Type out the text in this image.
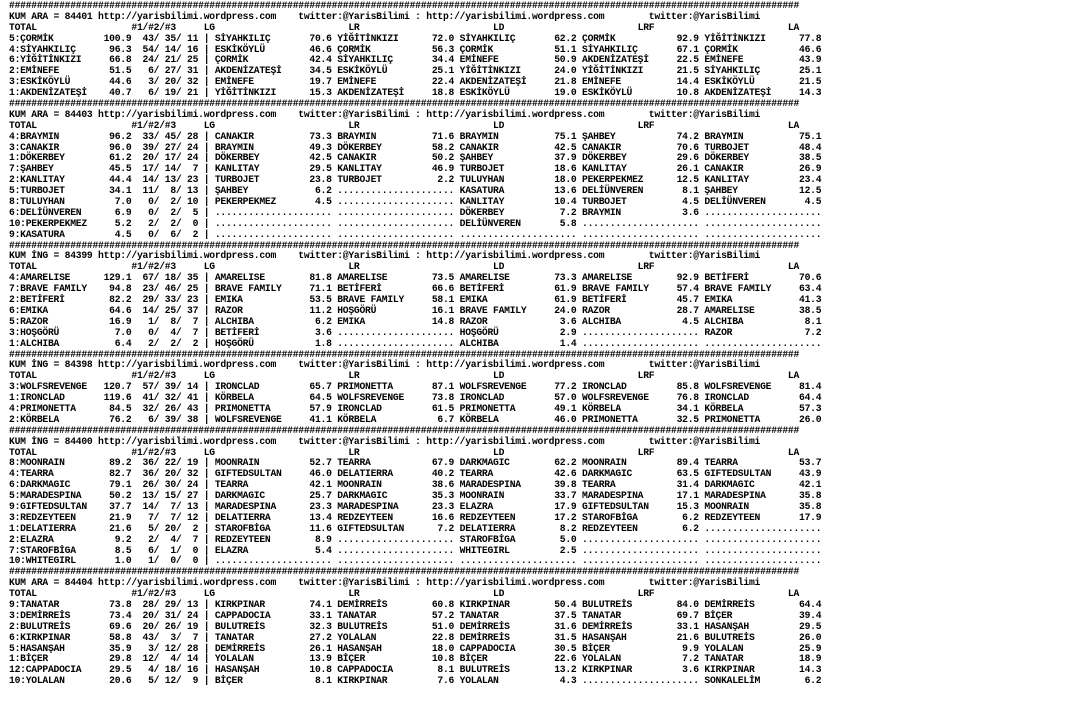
##############################################################################################################################################
KUM ARA = 84401 http://yarisbilimi.wordpress.com    twitter:@YarisBilimi : http://yarisbilimi.wordpress.com        twitter:@YarisBilimi
TOTAL                 #1/#2/#3     LG                        LR                        LD                        LRF                        LA
5:ÇORMİK         100.9  43/ 35/ 11 | SİYAHKILIÇ       70.6 YİĞİTİNKIZI      72.0 SİYAHKILIÇ       62.2 ÇORMİK           92.9 YİĞİTİNKIZI      77.8
4:SİYAHKILIÇ      96.3  54/ 14/ 16 | ESKİKÖYLÜ        46.6 ÇORMİK           56.3 ÇORMİK           51.1 SİYAHKILIÇ       67.1 ÇORMİK           46.6
6:YİĞİTİNKIZI     66.8  24/ 21/ 25 | ÇORMİK           42.4 SİYAHKILIÇ       34.4 EMİNEFE          50.9 AKDENİZATEŞİ     22.5 EMİNEFE          43.9
2:EMİNEFE         51.5   6/ 27/ 31 | AKDENİZATEŞİ     34.5 ESKİKÖYLÜ        25.1 YİĞİTİNKIZI      24.0 YİĞİTİNKIZI      21.5 SİYAHKILIÇ       25.1
3:ESKİKÖYLÜ       44.6   3/ 20/ 32 | EMİNEFE          19.7 EMİNEFE          22.4 AKDENİZATEŞİ     21.8 EMİNEFE          14.4 ESKİKÖYLÜ        21.5
1:AKDENİZATEŞİ    40.7   6/ 19/ 21 | YİĞİTİNKIZI      15.3 AKDENİZATEŞİ     18.8 ESKİKÖYLÜ        19.0 ESKİKÖYLÜ        10.8 AKDENİZATEŞİ     14.3
##############################################################################################################################################
KUM ARA = 84403 http://yarisbilimi.wordpress.com    twitter:@YarisBilimi : http://yarisbilimi.wordpress.com        twitter:@YarisBilimi
TOTAL                 #1/#2/#3     LG                        LR                        LD                        LRF                        LA
4:BRAYMIN         96.2  33/ 45/ 28 | CANAKIR          73.3 BRAYMIN          71.6 BRAYMIN          75.1 ŞAHBEY           74.2 BRAYMIN          75.1
3:CANAKIR         96.0  39/ 27/ 24 | BRAYMIN          49.3 DÖKERBEY         58.2 CANAKIR          42.5 CANAKIR          70.6 TURBOJET         48.4
1:DÖKERBEY        61.2  20/ 17/ 24 | DÖKERBEY         42.5 CANAKIR          50.2 ŞAHBEY           37.9 DÖKERBEY         29.6 DÖKERBEY         38.5
7:ŞAHBEY          45.5  17/ 14/  7 | KANLITAY         29.5 KANLITAY         46.9 TURBOJET         18.6 KANLITAY         26.1 CANAKIR          26.9
2:KANLITAY        44.4  14/ 13/ 23 | TURBOJET         23.8 TURBOJET          2.2 TULUYHAN         18.0 PEKERPEKMEZ      12.5 KANLITAY         23.4
5:TURBOJET        34.1  11/  8/ 13 | ŞAHBEY            6.2 ..................... KASATURA         13.6 DELİÜNVEREN       8.1 ŞAHBEY           12.5
8:TULUYHAN         7.0   0/  2/ 10 | PEKERPEKMEZ       4.5 ..................... KANLITAY         10.4 TURBOJET          4.5 DELİÜNVEREN       4.5
6:DELİÜNVEREN      6.9   0/  2/  5 | ..................... ..................... DÖKERBEY          7.2 BRAYMIN           3.6 .....................
10:PEKERPEKMEZ     5.2   2/  2/  0 | ..................... ..................... DELİÜNVEREN       5.8 ..................... .....................
9:KASATURA         4.5   0/  6/  2 | ..................... ..................... ..................... ..................... .....................
##############################################################################################################################################
KUM İNG = 84399 http://yarisbilimi.wordpress.com    twitter:@YarisBilimi : http://yarisbilimi.wordpress.com        twitter:@YarisBilimi
TOTAL                 #1/#2/#3     LG                        LR                        LD                        LRF                        LA
4:AMARELISE      129.1  67/ 18/ 35 | AMARELISE        81.8 AMARELISE        73.5 AMARELISE        73.3 AMARELISE        92.9 BETİFERİ         70.6
7:BRAVE FAMILY    94.8  23/ 46/ 25 | BRAVE FAMILY     71.1 BETİFERİ         66.6 BETİFERİ         61.9 BRAVE FAMILY     57.4 BRAVE FAMILY     63.4
2:BETİFERİ        82.2  29/ 33/ 23 | EMIKA            53.5 BRAVE FAMILY     58.1 EMIKA            61.9 BETİFERİ         45.7 EMIKA            41.3
6:EMIKA           64.6  14/ 25/ 37 | RAZOR            11.2 HOŞGÖRÜ          16.1 BRAVE FAMILY     24.0 RAZOR            28.7 AMARELISE        38.5
5:RAZOR           16.9   1/  8/  7 | ALCHIBA           6.2 EMIKA            14.8 RAZOR             3.6 ALCHIBA           4.5 ALCHIBA           8.1
3:HOŞGÖRÜ          7.0   0/  4/  7 | BETİFERİ          3.6 ..................... HOŞGÖRÜ           2.9 ..................... RAZOR             7.2
1:ALCHIBA          6.4   2/  2/  2 | HOŞGÖRÜ           1.8 ..................... ALCHIBA           1.4 ..................... .....................
##############################################################################################################################################
KUM İNG = 84398 http://yarisbilimi.wordpress.com    twitter:@YarisBilimi : http://yarisbilimi.wordpress.com        twitter:@YarisBilimi
TOTAL                 #1/#2/#3     LG                        LR                        LD                        LRF                        LA
3:WOLFSREVENGE   120.7  57/ 39/ 14 | IRONCLAD         65.7 PRIMONETTA       87.1 WOLFSREVENGE     77.2 IRONCLAD         85.8 WOLFSREVENGE     81.4
1:IRONCLAD       119.6  41/ 32/ 41 | KÖRBELA          64.5 WOLFSREVENGE     73.8 IRONCLAD         57.0 WOLFSREVENGE     76.8 IRONCLAD         64.4
4:PRIMONETTA      84.5  32/ 26/ 43 | PRIMONETTA       57.9 IRONCLAD         61.5 PRIMONETTA       49.1 KÖRBELA          34.1 KÖRBELA          57.3
2:KÖRBELA         76.2   6/ 39/ 38 | WOLFSREVENGE     41.1 KÖRBELA           6.7 KÖRBELA          46.0 PRIMONETTA       32.5 PRIMONETTA       26.0
##############################################################################################################################################
KUM İNG = 84400 http://yarisbilimi.wordpress.com    twitter:@YarisBilimi : http://yarisbilimi.wordpress.com        twitter:@YarisBilimi
TOTAL                 #1/#2/#3     LG                        LR                        LD                        LRF                        LA
8:MOONRAIN        89.2  36/ 22/ 19 | MOONRAIN         52.7 TEARRA           67.9 DARKMAGIC        62.2 MOONRAIN         89.4 TEARRA           53.7
4:TEARRA          82.7  36/ 20/ 32 | GIFTEDSULTAN     46.0 DELATIERRA       40.2 TEARRA           42.6 DARKMAGIC        63.5 GIFTEDSULTAN     43.9
6:DARKMAGIC       79.1  26/ 30/ 24 | TEARRA           42.1 MOONRAIN         38.6 MARADESPINA      39.8 TEARRA           31.4 DARKMAGIC        42.1
5:MARADESPINA     50.2  13/ 15/ 27 | DARKMAGIC        25.7 DARKMAGIC        35.3 MOONRAIN         33.7 MARADESPINA      17.1 MARADESPINA      35.8
9:GIFTEDSULTAN    37.7  14/  7/ 13 | MARADESPINA      23.3 MARADESPINA      23.3 ELAZRA           17.9 GIFTEDSULTAN     15.3 MOONRAIN         35.8
3:REDZEYTEEN      21.9   7/  7/ 12 | DELATIERRA       13.4 REDZEYTEEN       16.6 REDZEYTEEN       17.2 STAROFBİGA        6.2 REDZEYTEEN       17.9
1:DELATIERRA      21.6   5/ 20/  2 | STAROFBİGA       11.6 GIFTEDSULTAN      7.2 DELATIERRA        8.2 REDZEYTEEN        6.2 .....................
2:ELAZRA           9.2   2/  4/  7 | REDZEYTEEN        8.9 ..................... STAROFBİGA        5.0 ..................... .....................
7:STAROFBİGA       8.5   6/  1/  0 | ELAZRA            5.4 ..................... WHITEGIRL         2.5 ..................... .....................
10:WHITEGIRL       1.0   1/  0/  0 | ..................... ..................... ..................... ..................... .....................
##############################################################################################################################################
KUM ARA = 84404 http://yarisbilimi.wordpress.com    twitter:@YarisBilimi : http://yarisbilimi.wordpress.com        twitter:@YarisBilimi
TOTAL                 #1/#2/#3     LG                        LR                        LD                        LRF                        LA
9:TANATAR         73.8  28/ 29/ 13 | KIRKPINAR        74.1 DEMİRREİS        60.8 KIRKPINAR        50.4 BULUTREİS        84.0 DEMİRREİS        64.4
3:DEMİRREİS       73.4  20/ 31/ 24 | CAPPADOCIA       33.1 TANATAR          57.2 TANATAR          37.5 TANATAR          69.7 BİÇER            39.4
2:BULUTREİS       69.6  20/ 26/ 19 | BULUTREİS        32.3 BULUTREİS        51.0 DEMİRREİS        31.6 DEMİRREİS        33.1 HASANŞAH         29.5
6:KIRKPINAR       58.8  43/  3/  7 | TANATAR          27.2 YOLALAN          22.8 DEMİRREİS        31.5 HASANŞAH         21.6 BULUTREİS        26.0
5:HASANŞAH        35.9   3/ 12/ 28 | DEMİRREİS        26.1 HASANŞAH         18.0 CAPPADOCIA       30.5 BİÇER             9.9 YOLALAN          25.9
1:BİÇER           29.8  12/  4/ 14 | YOLALAN          13.9 BİÇER            10.8 BİÇER            22.6 YOLALAN           7.2 TANATAR          18.9
12:CAPPADOCIA     29.5   4/ 18/ 16 | HASANŞAH         10.8 CAPPADOCIA        8.1 BULUTREİS        13.2 KIRKPINAR         3.6 KIRKPINAR        14.3
10:YOLALAN        20.6   5/ 12/  9 | BİÇER             8.1 KIRKPINAR         7.6 YOLALAN           4.3 ..................... SONKALELİM        6.2
